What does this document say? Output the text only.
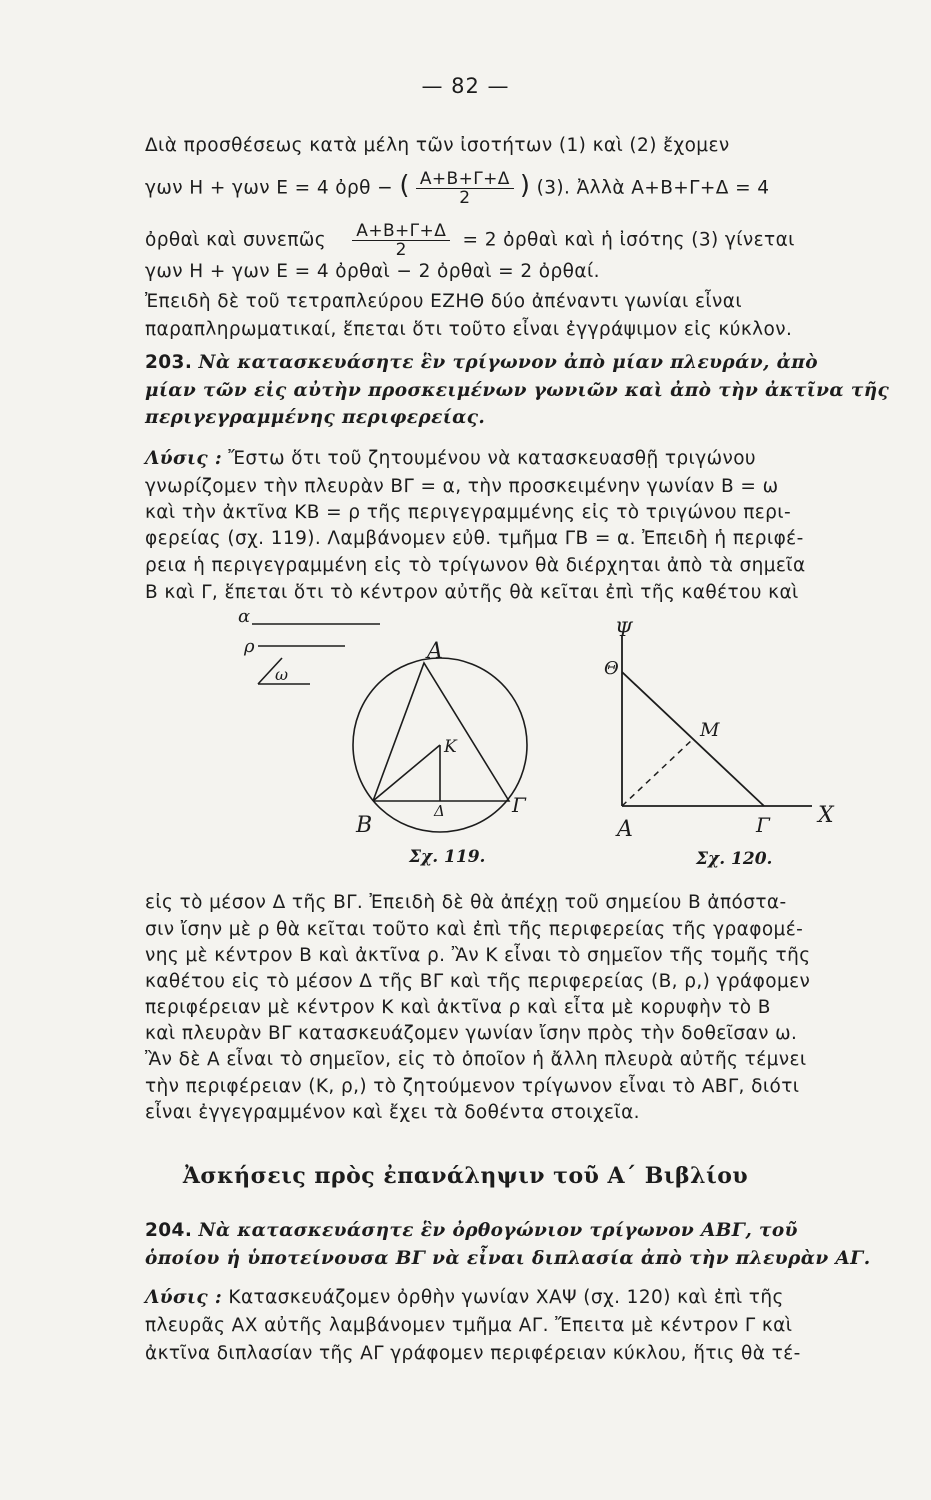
— 82 —
Διὰ προσθέσεως κατὰ μέλη τῶν ἰσοτήτων (1) καὶ (2) ἔχομεν
γων Η + γων Ε = 4 ὀρθ − ( $\frac{A+B+\Gamma+\Delta}{2}$ ) (3). Ἀλλὰ Α+Β+Γ+Δ = 4
ὀρθαὶ καὶ συνεπῶς $\frac{A+B+\Gamma+\Delta}{2} = 2$ ὀρθαὶ καὶ ἡ ἰσότης (3) γίνεται
γων Η + γων Ε = 4 ὀρθαὶ − 2 ὀρθαὶ = 2 ὀρθαί.
Ἐπειδὴ δὲ τοῦ τετραπλεύρου ΕΖΗΘ δύο ἀπέναντι γωνίαι εἶναι
παραπληρωματικαί, ἕπεται ὅτι τοῦτο εἶναι ἐγγράψιμον εἰς κύκλον.
203. Νὰ κατασκευάσητε ἓν τρίγωνον ἀπὸ μίαν πλευράν, ἀπὸ
μίαν τῶν εἰς αὐτὴν προσκειμένων γωνιῶν καὶ ἀπὸ τὴν ἀκτῖνα τῆς
περιγεγραμμένης περιφερείας.
Λύσις : Ἔστω ὅτι τοῦ ζητουμένου νὰ κατασκευασθῇ τριγώνου
γνωρίζομεν τὴν πλευρὰν ΒΓ = α, τὴν προσκειμένην γωνίαν Β = ω
καὶ τὴν ἀκτῖνα ΚΒ = ρ τῆς περιγεγραμμένης εἰς τὸ τριγώνου περι-
φερείας (σχ. 119). Λαμβάνομεν εὐθ. τμῆμα ΓΒ = α. Ἐπειδὴ ἡ περιφέ-
ρεια ἡ περιγεγραμμένη εἰς τὸ τρίγωνον θὰ διέρχηται ἀπὸ τὰ σημεῖα
Β καὶ Γ, ἕπεται ὅτι τὸ κέντρον αὐτῆς θὰ κεῖται ἐπὶ τῆς καθέτου καὶ
α
ρ
ω
Α
Β
Γ
Κ
Δ
Σχ. 119.
Ψ
Θ
Μ
Α	Γ Χ
Σχ. 120.
εἰς τὸ μέσον Δ τῆς ΒΓ. Ἐπειδὴ δὲ θὰ ἀπέχῃ τοῦ σημείου Β ἀπόστα-
σιν ἴσην μὲ ρ θὰ κεῖται τοῦτο καὶ ἐπὶ τῆς περιφερείας τῆς γραφομέ-
νης μὲ κέντρον Β καὶ ἀκτῖνα ρ. Ἂν Κ εἶναι τὸ σημεῖον τῆς τομῆς τῆς
καθέτου εἰς τὸ μέσον Δ τῆς ΒΓ καὶ τῆς περιφερείας (Β, ρ,) γράφομεν
περιφέρειαν μὲ κέντρον Κ καὶ ἀκτῖνα ρ καὶ εἶτα μὲ κορυφὴν τὸ Β
καὶ πλευρὰν ΒΓ κατασκευάζομεν γωνίαν ἴσην πρὸς τὴν δοθεῖσαν ω.
Ἂν δὲ Α εἶναι τὸ σημεῖον, εἰς τὸ ὁποῖον ἡ ἄλλη πλευρὰ αὐτῆς τέμνει
τὴν περιφέρειαν (Κ, ρ,) τὸ ζητούμενον τρίγωνον εἶναι τὸ ΑΒΓ, διότι
εἶναι ἐγγεγραμμένον καὶ ἔχει τὰ δοθέντα στοιχεῖα.
Ἀσκήσεις πρὸς ἐπανάληψιν τοῦ Α΄ Βιβλίου
204. Νὰ κατασκευάσητε ἓν ὀρθογώνιον τρίγωνον ΑΒΓ, τοῦ
ὁποίου ἡ ὑποτείνουσα ΒΓ νὰ εἶναι διπλασία ἀπὸ τὴν πλευρὰν ΑΓ.
Λύσις : Κατασκευάζομεν ὀρθὴν γωνίαν ΧΑΨ (σχ. 120) καὶ ἐπὶ τῆς
πλευρᾶς ΑΧ αὐτῆς λαμβάνομεν τμῆμα ΑΓ. Ἔπειτα μὲ κέντρον Γ καὶ
ἀκτῖνα διπλασίαν τῆς ΑΓ γράφομεν περιφέρειαν κύκλου, ἥτις θὰ τέ-
